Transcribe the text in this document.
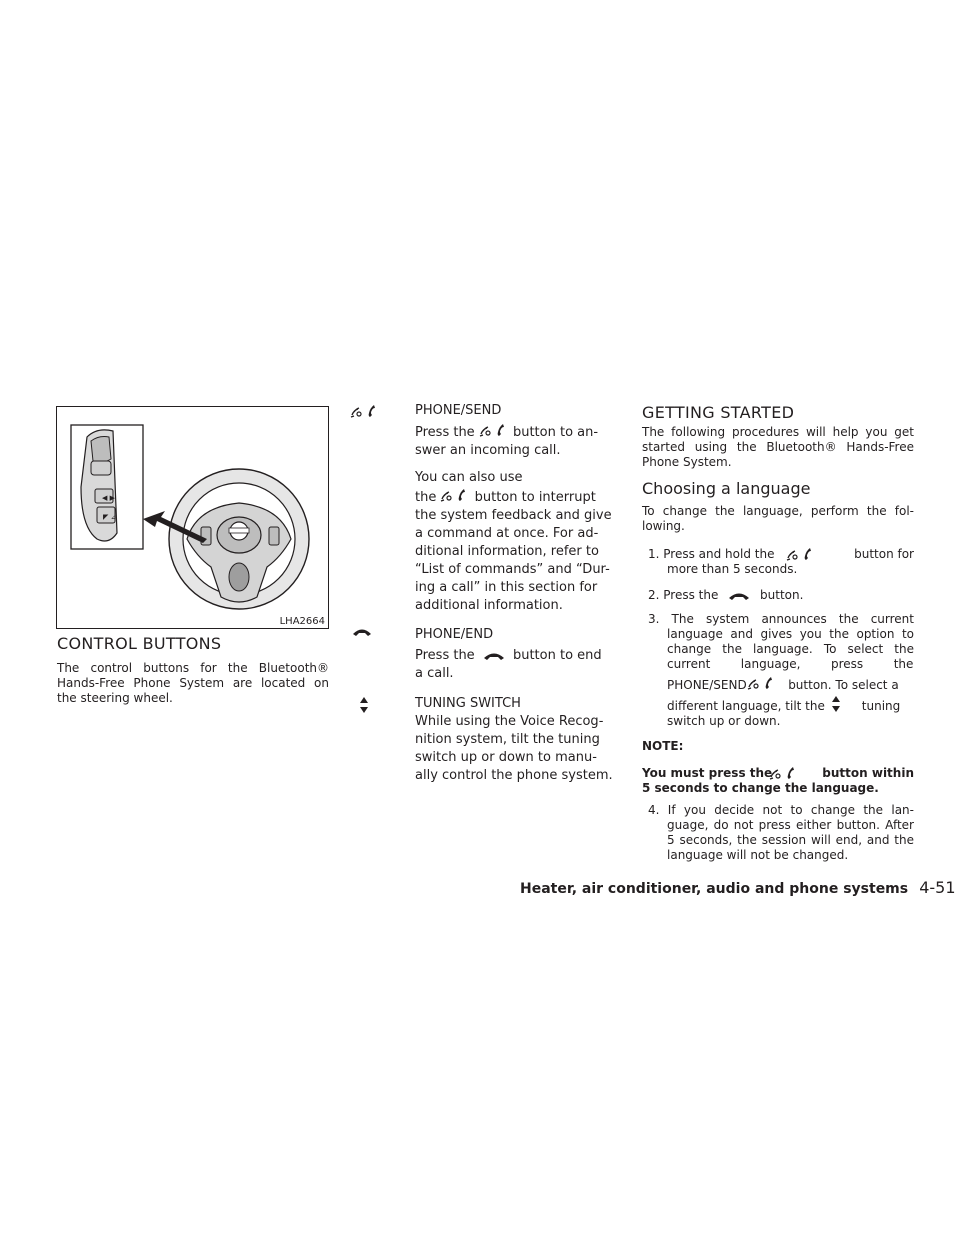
◀ ▶
◤ ⊿
LHA2664
CONTROL BUTTONS
The control buttons for the Bluetooth®
Hands-Free Phone System are located on
the steering wheel.
PHONE/SEND
Press the	button to an-
swer an incoming call.
You can also use
the	button to interrupt
the system feedback and give
a command at once. For ad-
ditional information, refer to
“List of commands” and “Dur-
ing a call” in this section for
additional information.
PHONE/END
Press the	button to end
a call.
TUNING SWITCH
While using the Voice Recog-
nition system, tilt the tuning
switch up or down to manu-
ally control the phone system.
GETTING STARTED
The following procedures will help you get
started using the Bluetooth® Hands-Free
Phone System.
Choosing a language
To change the language, perform the fol-
lowing.
1. Press and hold the	button for
more than 5 seconds.
2. Press the	button.
3. The system announces the current
language and gives you the option to
change the language. To select the
current        language,        press        the
PHONE/SEND	button. To select a
different language, tilt the	tuning
switch up or down.
NOTE:
You must press the	button within
5 seconds to change the language.
4. If you decide not to change the lan-
guage, do not press either button. After
5 seconds, the session will end, and the
language will not be changed.
Heater, air conditioner, audio and phone systems 4-51
